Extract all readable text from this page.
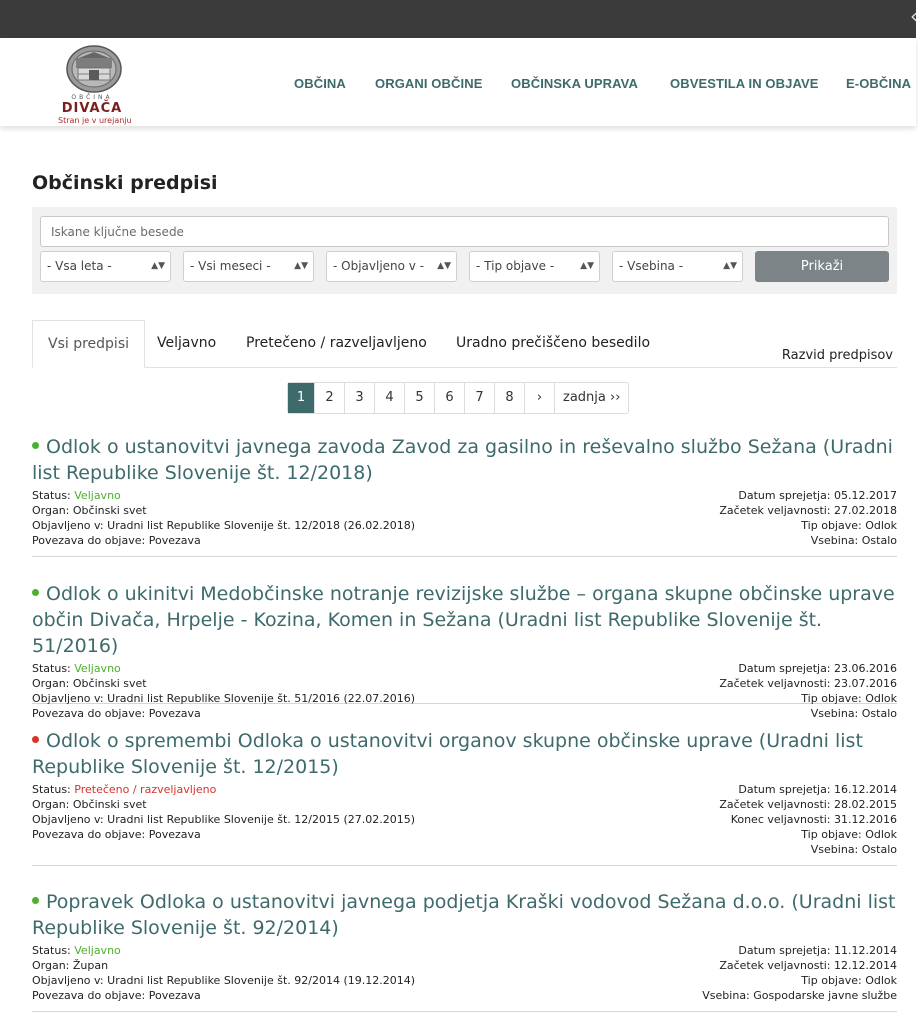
‹
OBČINA
DIVAČA
Stran je v urejanju
OBČINA ORGANI OBČINE OBČINSKA UPRAVA OBVESTILA IN OBJAVE E-OBČINA
Občinski predpisi
Iskane ključne besede
- Vsa leta -	▲▼	- Vsi meseci -	▲▼	- Objavljeno v - ▲▼	- Tip objave -	▲▼	- Vsebina -	▲▼	Prikaži
Vsi predpisi	Veljavno Pretečeno / razveljavljeno Uradno prečiščeno besedilo
Razvid predpisov
1	2	3	4	5	6	7	8	›	zadnja ››
Odlok o ustanovitvi javnega zavoda Zavod za gasilno in reševalno službo Sežana (Uradni list Republike Slovenije št. 12/2018)
Status: Veljavno
Organ: Občinski svet
Objavljeno v: Uradni list Republike Slovenije št. 12/2018 (26.02.2018)
Povezava do objave: Povezava
Datum sprejetja: 05.12.2017
Začetek veljavnosti: 27.02.2018
Tip objave: Odlok
Vsebina: Ostalo
Odlok o ukinitvi Medobčinske notranje revizijske službe – organa skupne občinske uprave občin Divača, Hrpelje - Kozina, Komen in Sežana (Uradni list Republike Slovenije št. 51/2016)
Status: Veljavno
Organ: Občinski svet
Objavljeno v: Uradni list Republike Slovenije št. 51/2016 (22.07.2016)
Povezava do objave: Povezava
Datum sprejetja: 23.06.2016
Začetek veljavnosti: 23.07.2016
Tip objave: Odlok
Vsebina: Ostalo
Odlok o spremembi Odloka o ustanovitvi organov skupne občinske uprave (Uradni list Republike Slovenije št. 12/2015)
Status: Pretečeno / razveljavljeno
Organ: Občinski svet
Objavljeno v: Uradni list Republike Slovenije št. 12/2015 (27.02.2015)
Povezava do objave: Povezava
Datum sprejetja: 16.12.2014
Začetek veljavnosti: 28.02.2015
Konec veljavnosti: 31.12.2016
Tip objave: Odlok
Vsebina: Ostalo
Popravek Odloka o ustanovitvi javnega podjetja Kraški vodovod Sežana d.o.o. (Uradni list Republike Slovenije št. 92/2014)
Status: Veljavno
Organ: Župan
Objavljeno v: Uradni list Republike Slovenije št. 92/2014 (19.12.2014)
Povezava do objave: Povezava
Datum sprejetja: 11.12.2014
Začetek veljavnosti: 12.12.2014
Tip objave: Odlok
Vsebina: Gospodarske javne službe
